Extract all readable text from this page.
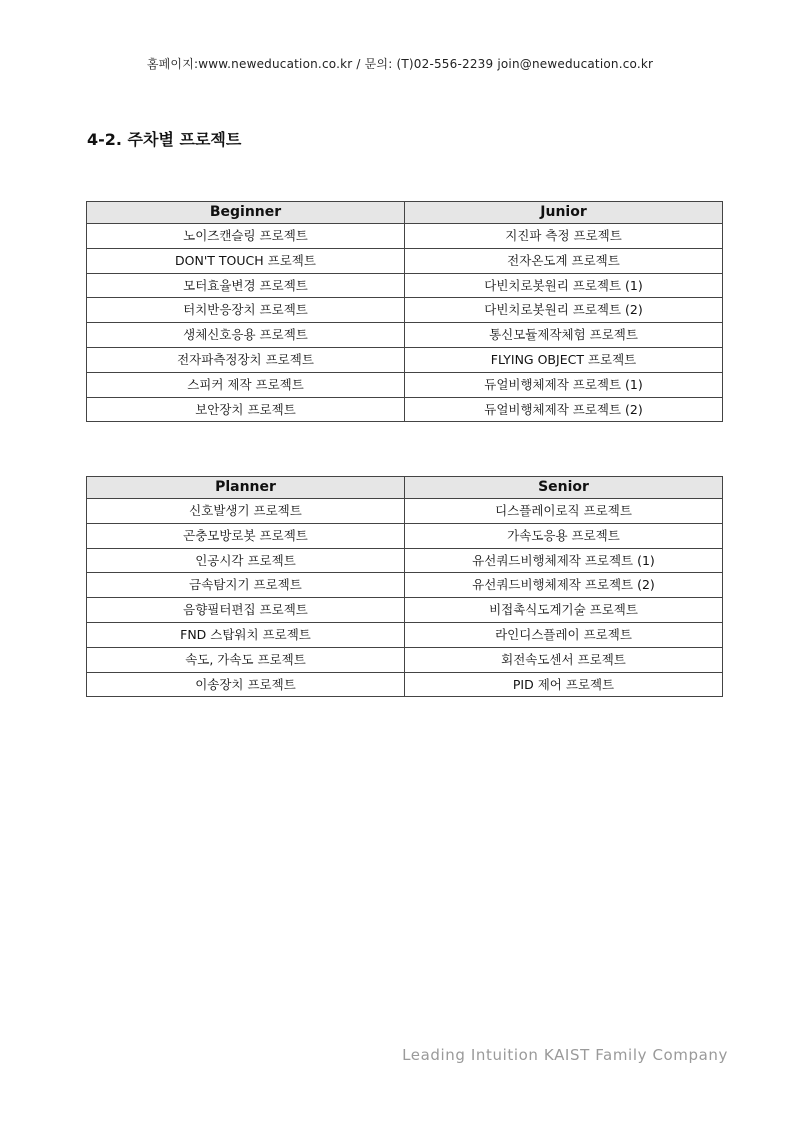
홈페이지:www.neweducation.co.kr / 문의: (T)02-556-2239 join@neweducation.co.kr
4-2. 주차별 프로젝트
Beginner	Junior
노이즈캔슬링 프로젝트	지진파 측정 프로젝트
DON'T TOUCH 프로젝트	전자온도계 프로젝트
모터효율변경 프로젝트	다빈치로봇원리 프로젝트 (1)
터치반응장치 프로젝트	다빈치로봇원리 프로젝트 (2)
생체신호응용 프로젝트	통신모듈제작체험 프로젝트
전자파측정장치 프로젝트	FLYING OBJECT 프로젝트
스피커 제작 프로젝트	듀얼비행체제작 프로젝트 (1)
보안장치 프로젝트	듀얼비행체제작 프로젝트 (2)
Planner	Senior
신호발생기 프로젝트	디스플레이로직 프로젝트
곤충모방로봇 프로젝트	가속도응용 프로젝트
인공시각 프로젝트	유선쿼드비행체제작 프로젝트 (1)
금속탐지기 프로젝트	유선쿼드비행체제작 프로젝트 (2)
음향필터편집 프로젝트	비접촉식도계기술 프로젝트
FND 스탑워치 프로젝트	라인디스플레이 프로젝트
속도, 가속도 프로젝트	회전속도센서 프로젝트
이송장치 프로젝트	PID 제어 프로젝트
Leading Intuition KAIST Family Company
